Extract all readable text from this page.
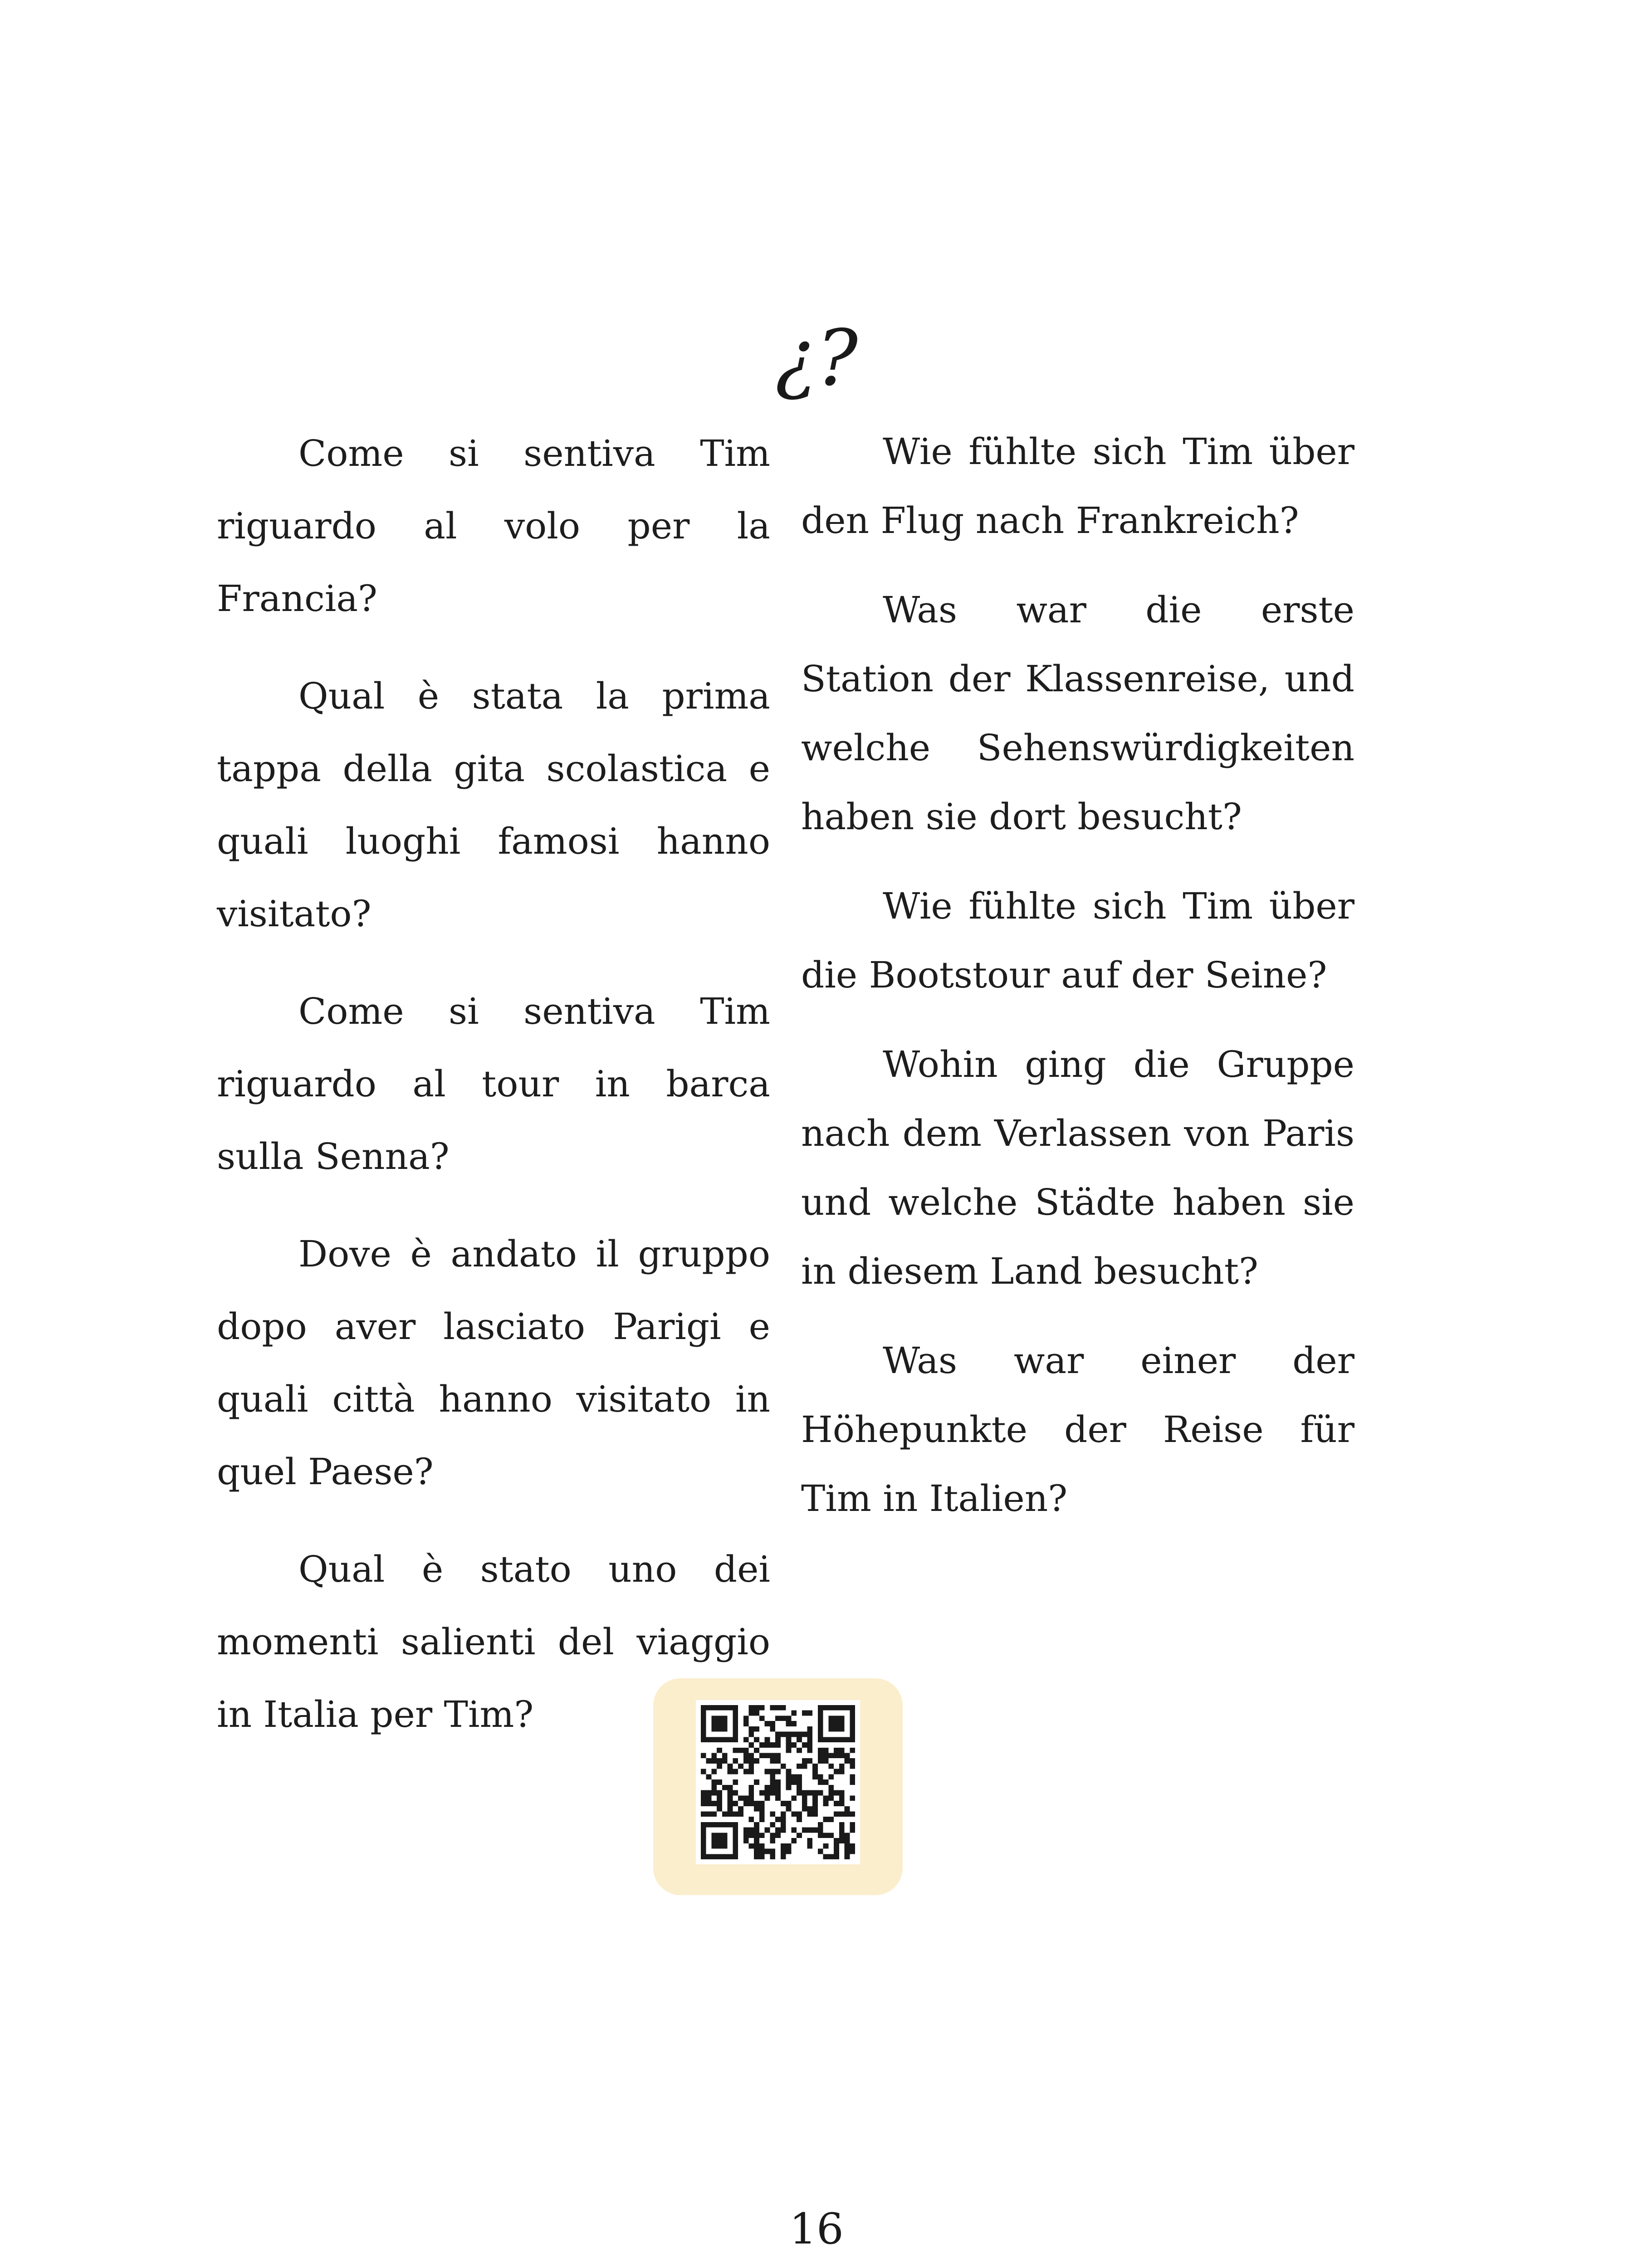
¿?

Come si sentiva Tim riguardo al volo per la Francia?

Qual è stata la prima tappa della gita scolastica e quali luoghi famosi hanno visitato?

Come si sentiva Tim riguardo al tour in barca sulla Senna?

Dove è andato il gruppo dopo aver lasciato Parigi e quali città hanno visitato in quel Paese?

Qual è stato uno dei momenti salienti del viaggio in Italia per Tim?

Wie fühlte sich Tim über den Flug nach Frankreich?

Was war die erste Station der Klassenreise, und welche Sehenswürdigkeiten haben sie dort besucht?

Wie fühlte sich Tim über die Bootstour auf der Seine?

Wohin ging die Gruppe nach dem Verlassen von Paris und welche Städte haben sie in diesem Land besucht?

Was war einer der Höhepunkte der Reise für Tim in Italien?

16
